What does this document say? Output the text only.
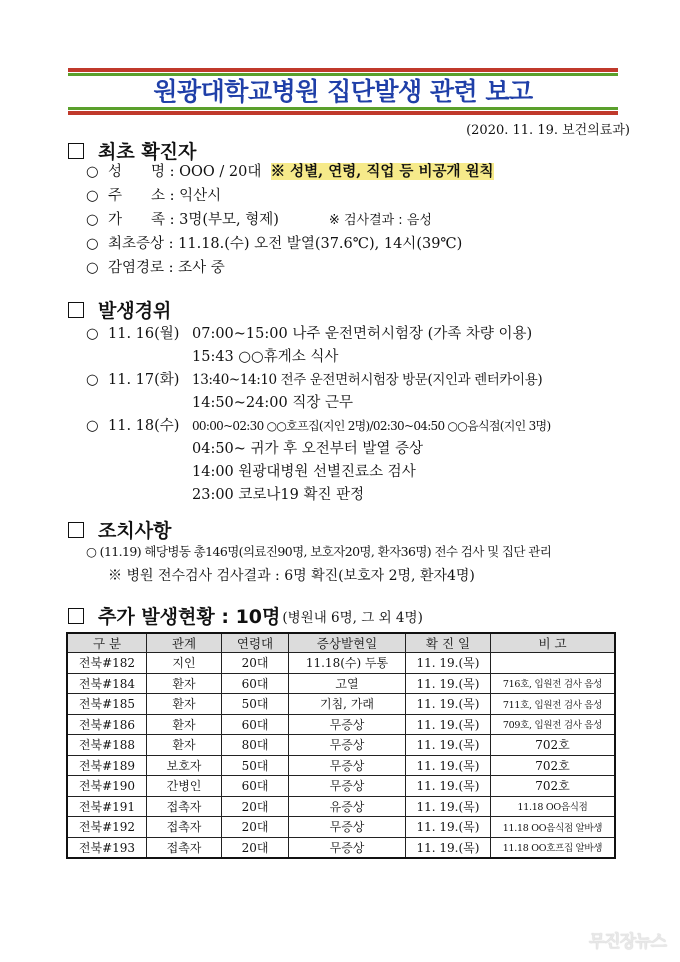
원광대학교병원 집단발생 관련 보고
(2020. 11. 19. 보건의료과)
최초 확진자
○ 성　　명 : OOO / 20대 ※ 성별, 연령, 직업 등 비공개 원칙
○ 주　　소 : 익산시
○ 가　　족 : 3명(부모, 형제)	※ 검사결과 : 음성
○ 최초증상 : 11.18.(수) 오전 발열(37.6℃), 14시(39℃)
○ 감염경로 : 조사 중
발생경위
○ 11. 16(월) 07:00~15:00 나주 운전면허시험장 (가족 차량 이용)
15:43 ○○휴게소 식사
○ 11. 17(화) 13:40~14:10 전주 운전면허시험장 방문(지인과 렌터카이용)
14:50~24:00 직장 근무
○ 11. 18(수) 00:00~02:30 ○○호프집(지인 2명)/02:30~04:50 ○○음식점(지인 3명)
04:50~ 귀가 후 오전부터 발열 증상
14:00 원광대병원 선별진료소 검사
23:00 코로나19 확진 판정
조치사항
○ (11.19) 해당병동 총146명(의료진90명, 보호자20명, 환자36명) 전수 검사 및 집단 관리
※ 병원 전수검사 검사결과 : 6명 확진(보호자 2명, 환자4명)
추가 발생현황 : 10명 (병원내 6명, 그 외 4명)
구 분	관계	연령대	증상발현일	확 진 일	비 고
전북#182	지인	20대	11.18(수) 두통	11. 19.(목)	
전북#184	환자	60대	고열	11. 19.(목)	716호, 입원전 검사 음성
전북#185	환자	50대	기침, 가래	11. 19.(목)	711호, 입원전 검사 음성
전북#186	환자	60대	무증상	11. 19.(목)	709호, 입원전 검사 음성
전북#188	환자	80대	무증상	11. 19.(목)	702호
전북#189	보호자	50대	무증상	11. 19.(목)	702호
전북#190	간병인	60대	무증상	11. 19.(목)	702호
전북#191	접촉자	20대	유증상	11. 19.(목)	11.18 OO음식점
전북#192	접촉자	20대	무증상	11. 19.(목)	11.18 OO음식점 알바생
전북#193	접촉자	20대	무증상	11. 19.(목)	11.18 OO호프집 알바생
무진장뉴스
